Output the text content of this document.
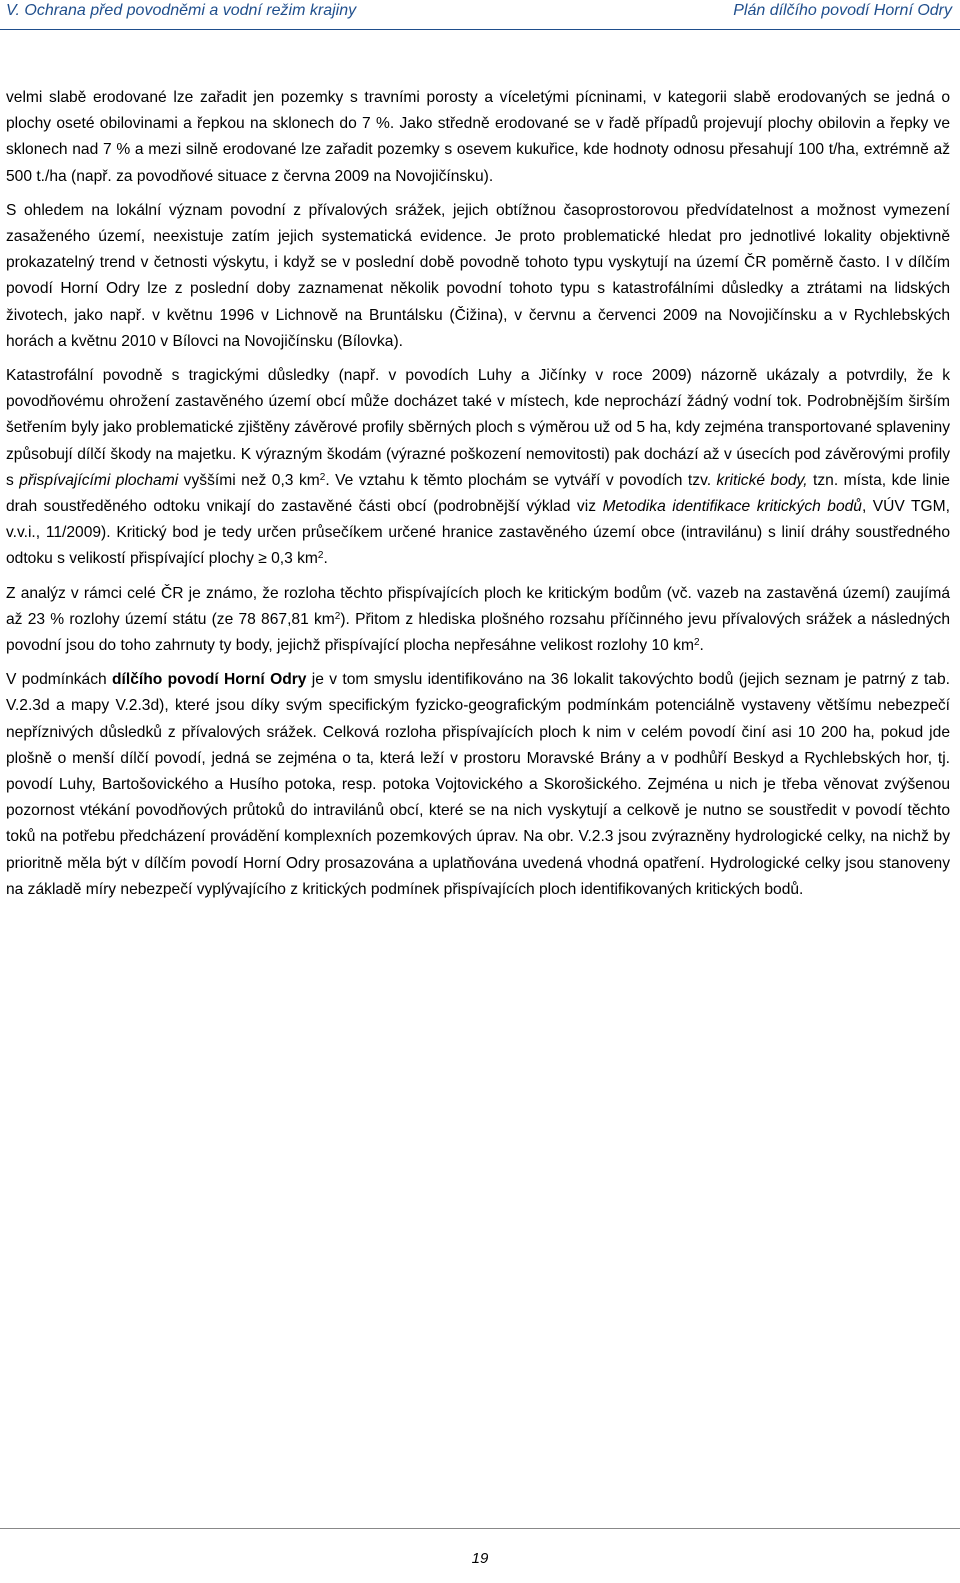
V. Ochrana před povodněmi a vodní režim krajiny	Plán dílčího povodí Horní Odry

velmi slabě erodované lze zařadit jen pozemky s travními porosty a víceletými pícninami, v kategorii slabě erodovaných se jedná o plochy oseté obilovinami a řepkou na sklonech do 7 %. Jako středně erodované se v řadě případů projevují plochy obilovin a řepky ve sklonech nad 7 % a mezi silně erodované lze zařadit pozemky s osevem kukuřice, kde hodnoty odnosu přesahují 100 t/ha, extrémně až 500 t./ha (např. za povodňové situace z června 2009 na Novojičínsku).

S ohledem na lokální význam povodní z přívalových srážek, jejich obtížnou časoprostorovou předvídatelnost a možnost vymezení zasaženého území, neexistuje zatím jejich systematická evidence. Je proto problematické hledat pro jednotlivé lokality objektivně prokazatelný trend v četnosti výskytu, i když se v poslední době povodně tohoto typu vyskytují na území ČR poměrně často. I v dílčím povodí Horní Odry lze z poslední doby zaznamenat několik povodní tohoto typu s katastrofálními důsledky a ztrátami na lidských životech, jako např. v květnu 1996 v Lichnově na Bruntálsku (Čižina), v červnu a červenci 2009 na Novojičínsku a v Rychlebských horách a květnu 2010 v Bílovci na Novojičínsku (Bílovka).

Katastrofální povodně s tragickými důsledky (např. v povodích Luhy a Jičínky v roce 2009) názorně ukázaly a potvrdily, že k povodňovému ohrožení zastavěného území obcí může docházet také v místech, kde neprochází žádný vodní tok. Podrobnějším širším šetřením byly jako problematické zjištěny závěrové profily sběrných ploch s výměrou už od 5 ha, kdy zejména transportované splaveniny způsobují dílčí škody na majetku. K výrazným škodám (výrazné poškození nemovitosti) pak dochází až v úsecích pod závěrovými profily s přispívajícími plochami vyššími než 0,3 $km^2$. Ve vztahu k těmto plochám se vytváří v povodích tzv. kritické body, tzn. místa, kde linie drah soustředěného odtoku vnikají do zastavěné části obcí (podrobnější výklad viz Metodika identifikace kritických bodů, VÚV TGM, v.v.i., 11/2009). Kritický bod je tedy určen průsečíkem určené hranice zastavěného území obce (intravilánu) s linií dráhy soustředného odtoku s velikostí přispívající plochy ≥ 0,3 $km^2$.

Z analýz v rámci celé ČR je známo, že rozloha těchto přispívajících ploch ke kritickým bodům (vč. vazeb na zastavěná území) zaujímá až 23 % rozlohy území státu (ze 78 867,81 $km^2$). Přitom z hlediska plošného rozsahu příčinného jevu přívalových srážek a následných povodní jsou do toho zahrnuty ty body, jejichž přispívající plocha nepřesáhne velikost rozlohy 10 $km^2$.

V podmínkách dílčího povodí Horní Odry je v tom smyslu identifikováno na 36 lokalit takovýchto bodů (jejich seznam je patrný z tab. V.2.3d a mapy V.2.3d), které jsou díky svým specifickým fyzicko-geografickým podmínkám potenciálně vystaveny většímu nebezpečí nepříznivých důsledků z přívalových srážek. Celková rozloha přispívajících ploch k nim v celém povodí činí asi 10 200 ha, pokud jde plošně o menší dílčí povodí, jedná se zejména o ta, která leží v prostoru Moravské Brány a v podhůří Beskyd a Rychlebských hor, tj. povodí Luhy, Bartošovického a Husího potoka, resp. potoka Vojtovického a Skorošického. Zejména u nich je třeba věnovat zvýšenou pozornost vtékání povodňových průtoků do intravilánů obcí, které se na nich vyskytují a celkově je nutno se soustředit v povodí těchto toků na potřebu předcházení provádění komplexních pozemkových úprav. Na obr. V.2.3 jsou zvýrazněny hydrologické celky, na nichž by prioritně měla být v dílčím povodí Horní Odry prosazována a uplatňována uvedená vhodná opatření. Hydrologické celky jsou stanoveny na základě míry nebezpečí vyplývajícího z kritických podmínek přispívajících ploch identifikovaných kritických bodů.

19
